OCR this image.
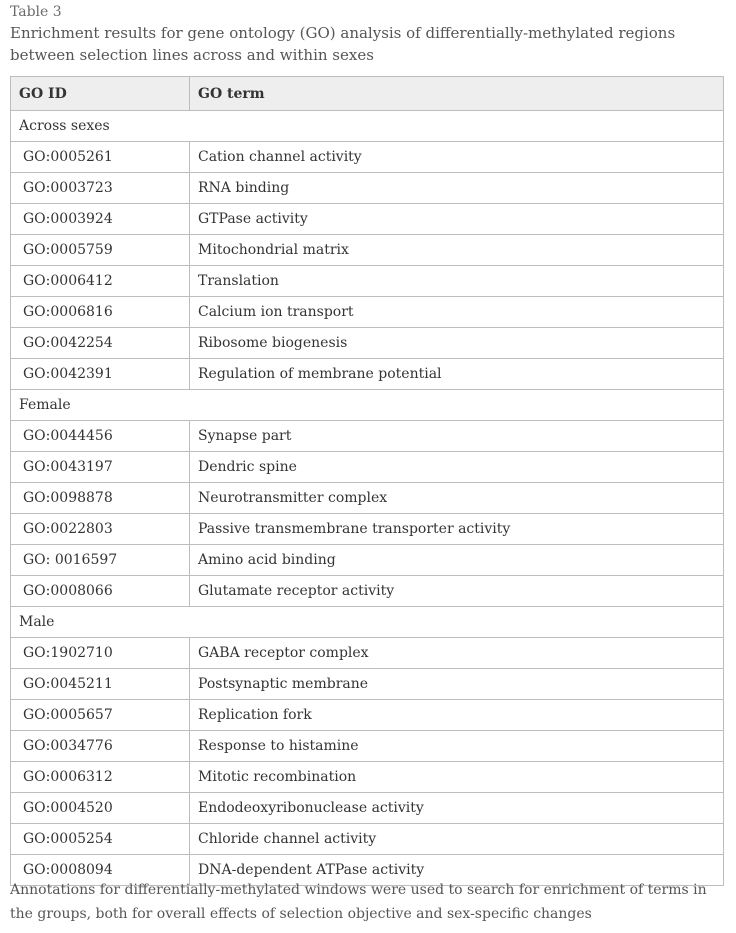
Table 3
Enrichment results for gene ontology (GO) analysis of differentially-methylated regions between selection lines across and within sexes
GO ID	GO term
Across sexes	
GO:0005261	Cation channel activity
GO:0003723	RNA binding
GO:0003924	GTPase activity
GO:0005759	Mitochondrial matrix
GO:0006412	Translation
GO:0006816	Calcium ion transport
GO:0042254	Ribosome biogenesis
GO:0042391	Regulation of membrane potential
Female	
GO:0044456	Synapse part
GO:0043197	Dendric spine
GO:0098878	Neurotransmitter complex
GO:0022803	Passive transmembrane transporter activity
GO: 0016597	Amino acid binding
GO:0008066	Glutamate receptor activity
Male	
GO:1902710	GABA receptor complex
GO:0045211	Postsynaptic membrane
GO:0005657	Replication fork
GO:0034776	Response to histamine
GO:0006312	Mitotic recombination
GO:0004520	Endodeoxyribonuclease activity
GO:0005254	Chloride channel activity
GO:0008094	DNA-dependent ATPase activity
Annotations for differentially-methylated windows were used to search for enrichment of terms in the groups, both for overall effects of selection objective and sex-specific changes
